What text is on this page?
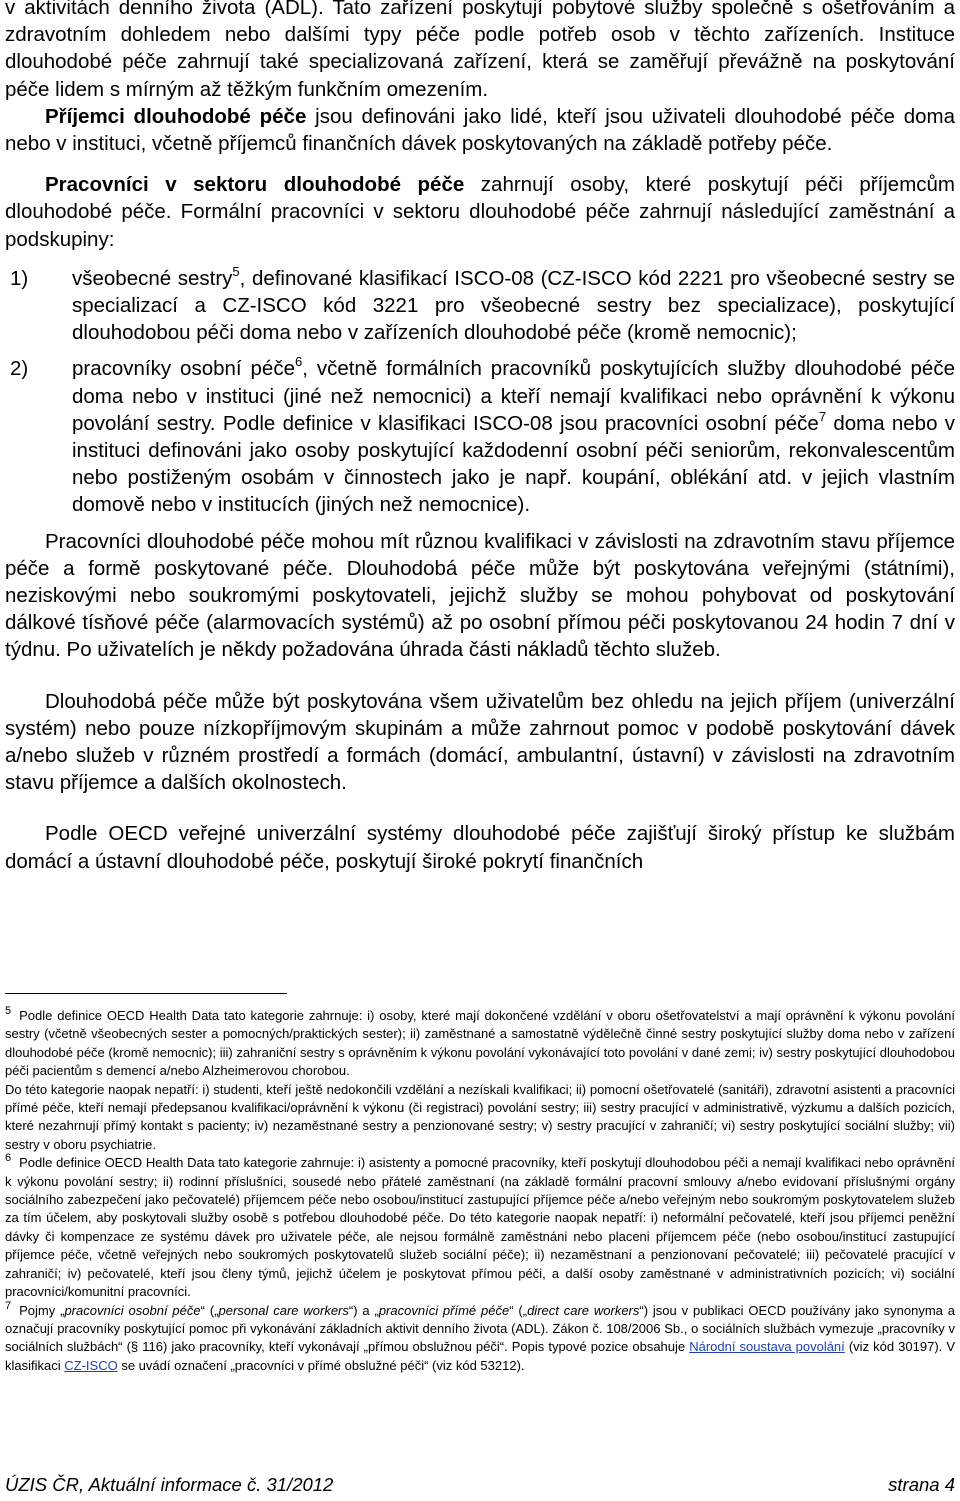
v aktivitách denního života (ADL). Tato zařízení poskytují pobytové služby společně s ošetřováním a zdravotním dohledem nebo dalšími typy péče podle potřeb osob v těchto zařízeních. Instituce dlouhodobé péče zahrnují také specializovaná zařízení, která se zaměřují převážně na poskytování péče lidem s mírným až těžkým funkčním omezením.

Příjemci dlouhodobé péče jsou definováni jako lidé, kteří jsou uživateli dlouhodobé péče doma nebo v instituci, včetně příjemců finančních dávek poskytovaných na základě potřeby péče.

Pracovníci v sektoru dlouhodobé péče zahrnují osoby, které poskytují péči příjemcům dlouhodobé péče. Formální pracovníci v sektoru dlouhodobé péče zahrnují následující zaměstnání a podskupiny:

1) všeobecné sestry$^5$, definované klasifikací ISCO-08 (CZ-ISCO kód 2221 pro všeobecné sestry se specializací a CZ-ISCO kód 3221 pro všeobecné sestry bez specializace), poskytující dlouhodobou péči doma nebo v zařízeních dlouhodobé péče (kromě nemocnic);
2) pracovníky osobní péče$^6$, včetně formálních pracovníků poskytujících služby dlouhodobé péče doma nebo v instituci (jiné než nemocnici) a kteří nemají kvalifikaci nebo oprávnění k výkonu povolání sestry. Podle definice v klasifikaci ISCO-08 jsou pracovníci osobní péče$^7$ doma nebo v instituci definováni jako osoby poskytující každodenní osobní péči seniorům, rekonvalescentům nebo postiženým osobám v činnostech jako je např. koupání, oblékání atd. v jejich vlastním domově nebo v institucích (jiných než nemocnice).

Pracovníci dlouhodobé péče mohou mít různou kvalifikaci v závislosti na zdravotním stavu příjemce péče a formě poskytované péče. Dlouhodobá péče může být poskytována veřejnými (státními), neziskovými nebo soukromými poskytovateli, jejichž služby se mohou pohybovat od poskytování dálkové tísňové péče (alarmovacích systémů) až po osobní přímou péči poskytovanou 24 hodin 7 dní v týdnu. Po uživatelích je někdy požadována úhrada části nákladů těchto služeb.

Dlouhodobá péče může být poskytována všem uživatelům bez ohledu na jejich příjem (univerzální systém) nebo pouze nízkopříjmovým skupinám a může zahrnout pomoc v podobě poskytování dávek a/nebo služeb v různém prostředí a formách (domácí, ambulantní, ústavní) v závislosti na zdravotním stavu příjemce a dalších okolnostech.

Podle OECD veřejné univerzální systémy dlouhodobé péče zajišťují široký přístup ke službám domácí a ústavní dlouhodobé péče, poskytují široké pokrytí finančních

$^5$ Podle definice OECD Health Data tato kategorie zahrnuje: i) osoby, které mají dokončené vzdělání v oboru ošetřovatelství a mají oprávnění k výkonu povolání sestry (včetně všeobecných sester a pomocných/praktických sester); ii) zaměstnané a samostatně výdělečně činné sestry poskytující služby doma nebo v zařízení dlouhodobé péče (kromě nemocnic); iii) zahraniční sestry s oprávněním k výkonu povolání vykonávající toto povolání v dané zemi; iv) sestry poskytující dlouhodobou péči pacientům s demencí a/nebo Alzheimerovou chorobou.

Do této kategorie naopak nepatří: i) studenti, kteří ještě nedokončili vzdělání a nezískali kvalifikaci; ii) pomocní ošetřovatelé (sanitáři), zdravotní asistenti a pracovníci přímé péče, kteří nemají předepsanou kvalifikaci/oprávnění k výkonu (či registraci) povolání sestry; iii) sestry pracující v administrativě, výzkumu a dalších pozicích, které nezahrnují přímý kontakt s pacienty; iv) nezaměstnané sestry a penzionované sestry; v) sestry pracující v zahraničí; vi) sestry poskytující sociální služby; vii) sestry v oboru psychiatrie.

$^6$ Podle definice OECD Health Data tato kategorie zahrnuje: i) asistenty a pomocné pracovníky, kteří poskytují dlouhodobou péči a nemají kvalifikaci nebo oprávnění k výkonu povolání sestry; ii) rodinní příslušníci, sousedé nebo přátelé zaměstnaní (na základě formální pracovní smlouvy a/nebo evidovaní příslušnými orgány sociálního zabezpečení jako pečovatelé) příjemcem péče nebo osobou/institucí zastupující příjemce péče a/nebo veřejným nebo soukromým poskytovatelem služeb za tím účelem, aby poskytovali služby osobě s potřebou dlouhodobé péče. Do této kategorie naopak nepatří: i) neformální pečovatelé, kteří jsou příjemci peněžní dávky či kompenzace ze systému dávek pro uživatele péče, ale nejsou formálně zaměstnáni nebo placeni příjemcem péče (nebo osobou/institucí zastupující příjemce péče, včetně veřejných nebo soukromých poskytovatelů služeb sociální péče); ii) nezaměstnaní a penzionovaní pečovatelé; iii) pečovatelé pracující v zahraničí; iv) pečovatelé, kteří jsou členy týmů, jejichž účelem je poskytovat přímou péči, a další osoby zaměstnané v administrativních pozicích; vi) sociální pracovníci/komunitní pracovníci.

$^7$ Pojmy „pracovníci osobní péče“ („personal care workers“) a „pracovníci přímé péče“ („direct care workers“) jsou v publikaci OECD používány jako synonyma a označují pracovníky poskytující pomoc při vykonávání základních aktivit denního života (ADL). Zákon č. 108/2006 Sb., o sociálních službách vymezuje „pracovníky v sociálních službách“ (§ 116) jako pracovníky, kteří vykonávají „přímou obslužnou péči“. Popis typové pozice obsahuje Národní soustava povolání (viz kód 30197). V klasifikaci CZ-ISCO se uvádí označení „pracovníci v přímé obslužné péči“ (viz kód 53212).

ÚZIS ČR, Aktuální informace č. 31/2012	strana 4
